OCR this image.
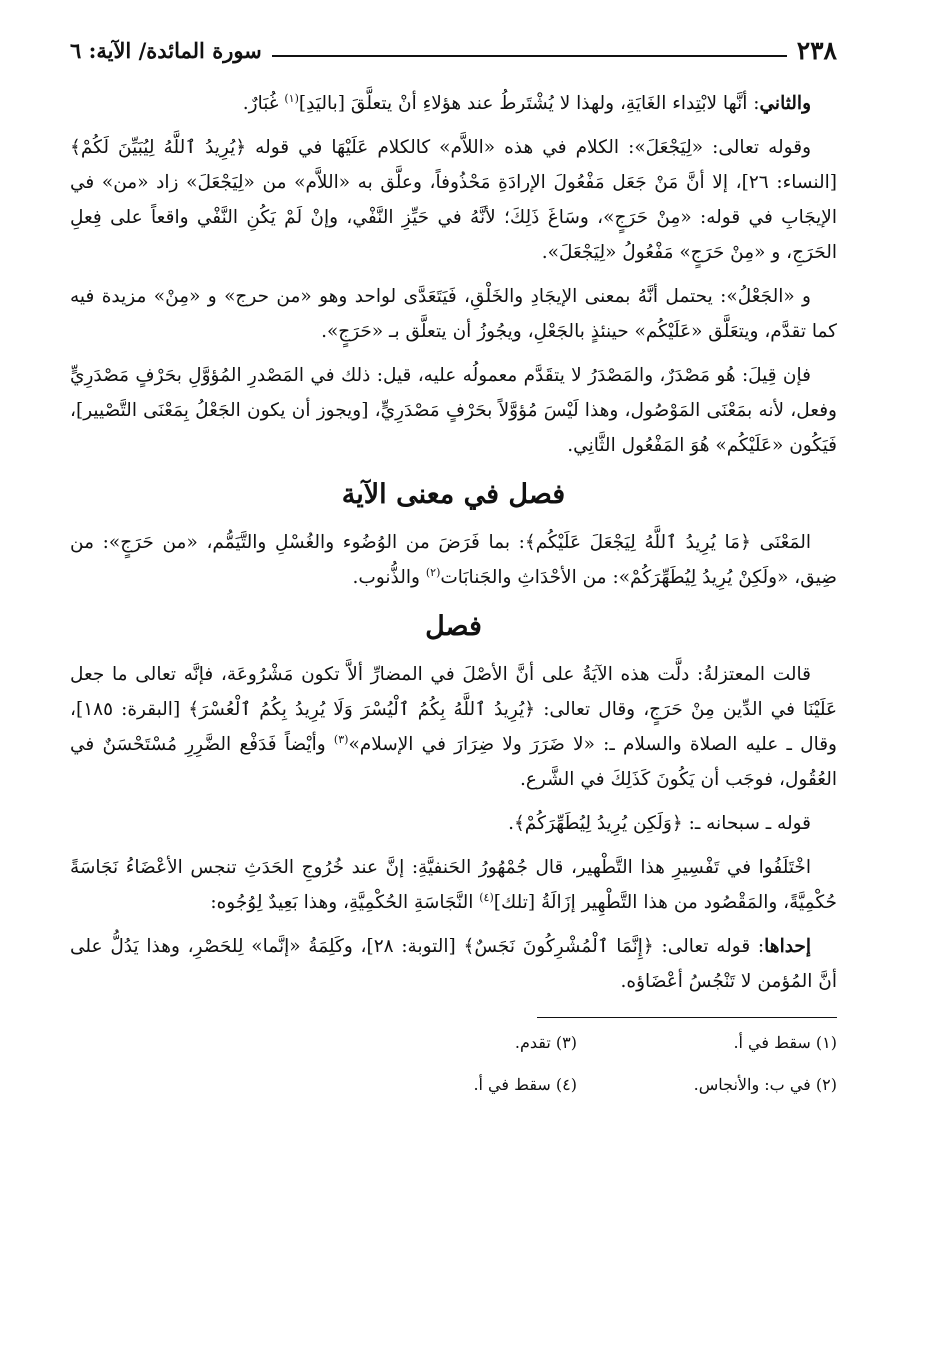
٢٣٨
سورة المائدة/ الآية: ٦

والثاني: أنَّها لابْتِداء الغَايَةِ، ولهذا لا يُشْتَرطُ عند هؤلاءِ أنْ يتعلَّقَ [باليَدِ]$^{(١)}$ غُبَارٌ.

وقوله تعالى: «لِيَجْعَلَ»: الكلام في هذه «اللاَّم» كالكلام عَلَيْهَا في قوله ﴿يُرِيدُ ٱللَّهُ لِيُبَيِّنَ لَكُمْ﴾ [النساء: ٢٦]، إلا أنَّ مَنْ جَعَل مَفْعُولَ الإرادَةِ مَحْذُوفاً، وعلَّق به «اللاَّم» من «لِيَجْعَلَ» زاد «من» في الإيجَابِ في قوله: «مِنْ حَرَجٍ»، وسَاغَ ذَلِكَ؛ لأنَّهُ في حَيِّزِ النَّفْي، وإنْ لَمْ يَكُنِ النَّفْي واقعاً على فِعلِ الحَرَجِ، و «مِنْ حَرَجٍ» مَفْعُولُ «لِيَجْعَلَ».

و «الجَعْلُ»: يحتمل أنَّهُ بمعنى الإيجَادِ والخَلْقِ، فَيَتَعَدَّى لواحد وهو «من حرج» و «مِنْ» مزيدة فيه كما تقدَّم، ويتعَلَّق «عَلَيْكُم» حينئذٍ بالجَعْلِ، ويجُوزُ أن يتعلَّق بـ «حَرَجٍ».

فإن قِيلَ: هُو مَصْدَرٌ، والمَصْدَرُ لا يتقَدَّم معمولُه عليه، قيل: ذلك في المَصْدرِ المُؤوَّلِ بحَرْفٍ مَصْدَرِيٍّ وفعل، لأنه بمَعْنَى المَوْصُول، وهذا لَيْسَ مُؤوَّلاً بحَرْفٍ مَصْدَرِيٍّ، [ويجوز أن يكون الجَعْلُ بِمَعْنَى التَّصْيير]، فَيَكُون «عَلَيْكُم» هُوَ المَفْعُول الثَّانِي.

فصل في معنى الآية

المَعْنَى ﴿مَا يُرِيدُ ٱللَّهُ لِيَجْعَلَ عَلَيْكُم﴾: بما فَرَضَ من الوُضُوء والغُسْلِ والتَّيَمُّم، «من حَرَجٍ»: من ضِيق، «ولَكِنْ يُرِيدُ لِيُطَهِّرَكُمْ»: من الأحْدَاثِ والجَنابَات$^{(٢)}$ والذُّنوب.

فصل

قالت المعتزلةُ: دلَّت هذه الآيَةُ على أنَّ الأصْلَ في المضارِّ ألاَّ تكون مَشْرُوعَة، فإنَّه تعالى ما جعل عَلَيْنَا في الدِّين مِنْ حَرَجٍ، وقال تعالى: ﴿يُرِيدُ ٱللَّهُ بِكُمُ ٱلْيُسْرَ وَلَا يُرِيدُ بِكُمُ ٱلْعُسْرَ﴾ [البقرة: ١٨٥]، وقال ـ عليه الصلاة والسلام ـ: «لا ضَرَرَ ولا ضِرَارَ في الإسلام»$^{(٣)}$ وأيْضاً فَدَفْع الضَّرِرِ مُسْتَحْسَنٌ في العُقُول، فوجَب أن يَكُونَ كَذَلِكَ في الشَّرع.

قوله ـ سبحانه ـ: ﴿وَلَكِن يُرِيدُ لِيُطَهِّرَكُمْ﴾.

اخْتَلَفُوا في تَفْسِيرِ هذا التَّطْهير، قال جُمْهُورُ الحَنفيَّةِ: إنَّ عند خُرُوجِ الحَدَثِ تنجس الأعْضَاءُ نَجَاسَةً حُكْمِيَّةً، والمَقْصُود من هذا التَّطْهِير إزَالَةُ [تلك]$^{(٤)}$ النَّجَاسَةِ الحُكْمِيَّةِ، وهذا بَعِيدٌ لِوُجُوه:

إحداها: قوله تعالى: ﴿إِنَّمَا ٱلْمُشْرِكُونَ نَجَسٌ﴾ [التوبة: ٢٨]، وكَلِمَةُ «إنَّما» لِلحَصْرِ، وهذا يَدُلُّ على أنَّ المُؤمن لا تَنْجُسُ أعْضَاؤه.

(١) سقط في أ.
(٣) تقدم.
(٢) في ب: والأنجاس.
(٤) سقط في أ.
